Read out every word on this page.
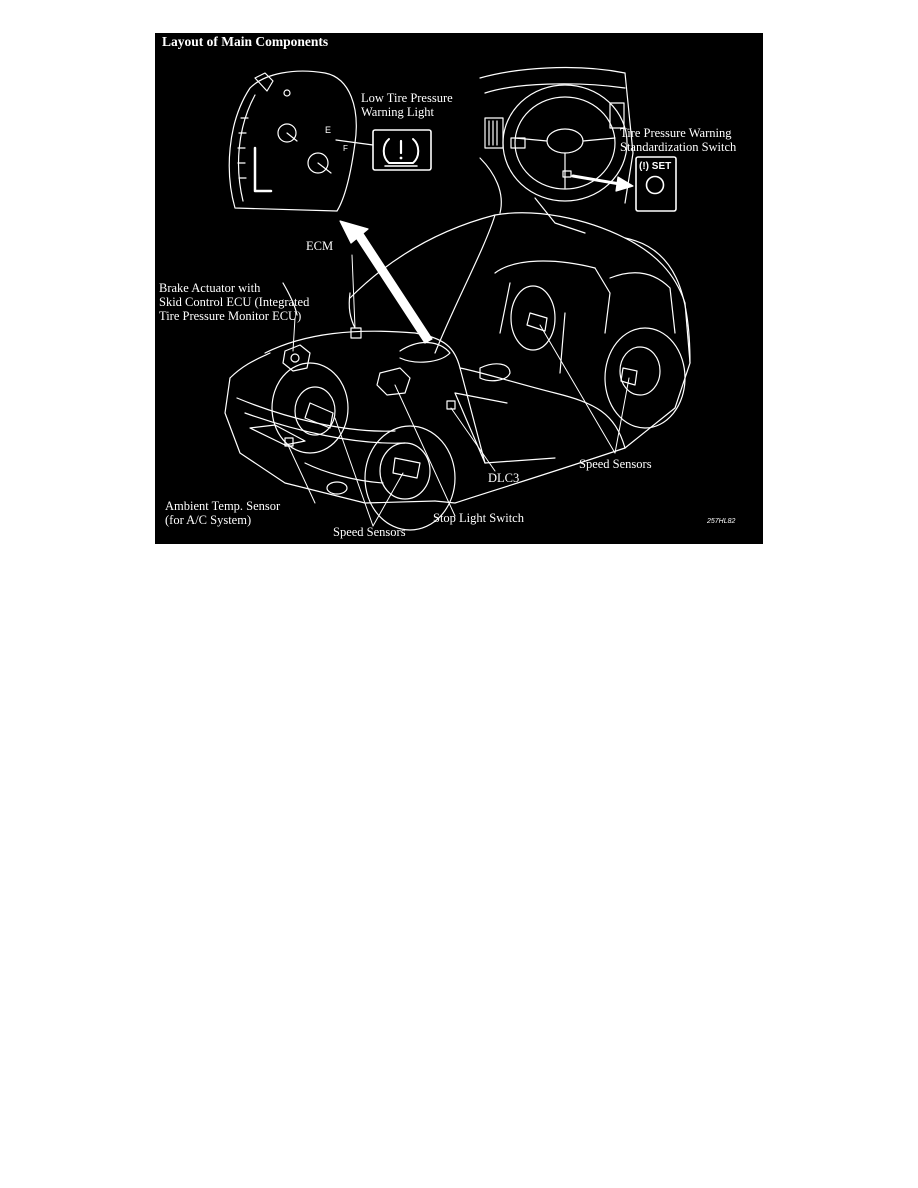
E
F
Layout of Main Components
Low Tire Pressure
Warning Light
Tire Pressure Warning
Standardization Switch
(!) SET
ECM
Brake Actuator with
Skid Control ECU (Integrated
Tire Pressure Monitor ECU)
Ambient Temp. Sensor
(for A/C System)
Speed Sensors
Stop Light Switch
DLC3
Speed Sensors
257HL82
